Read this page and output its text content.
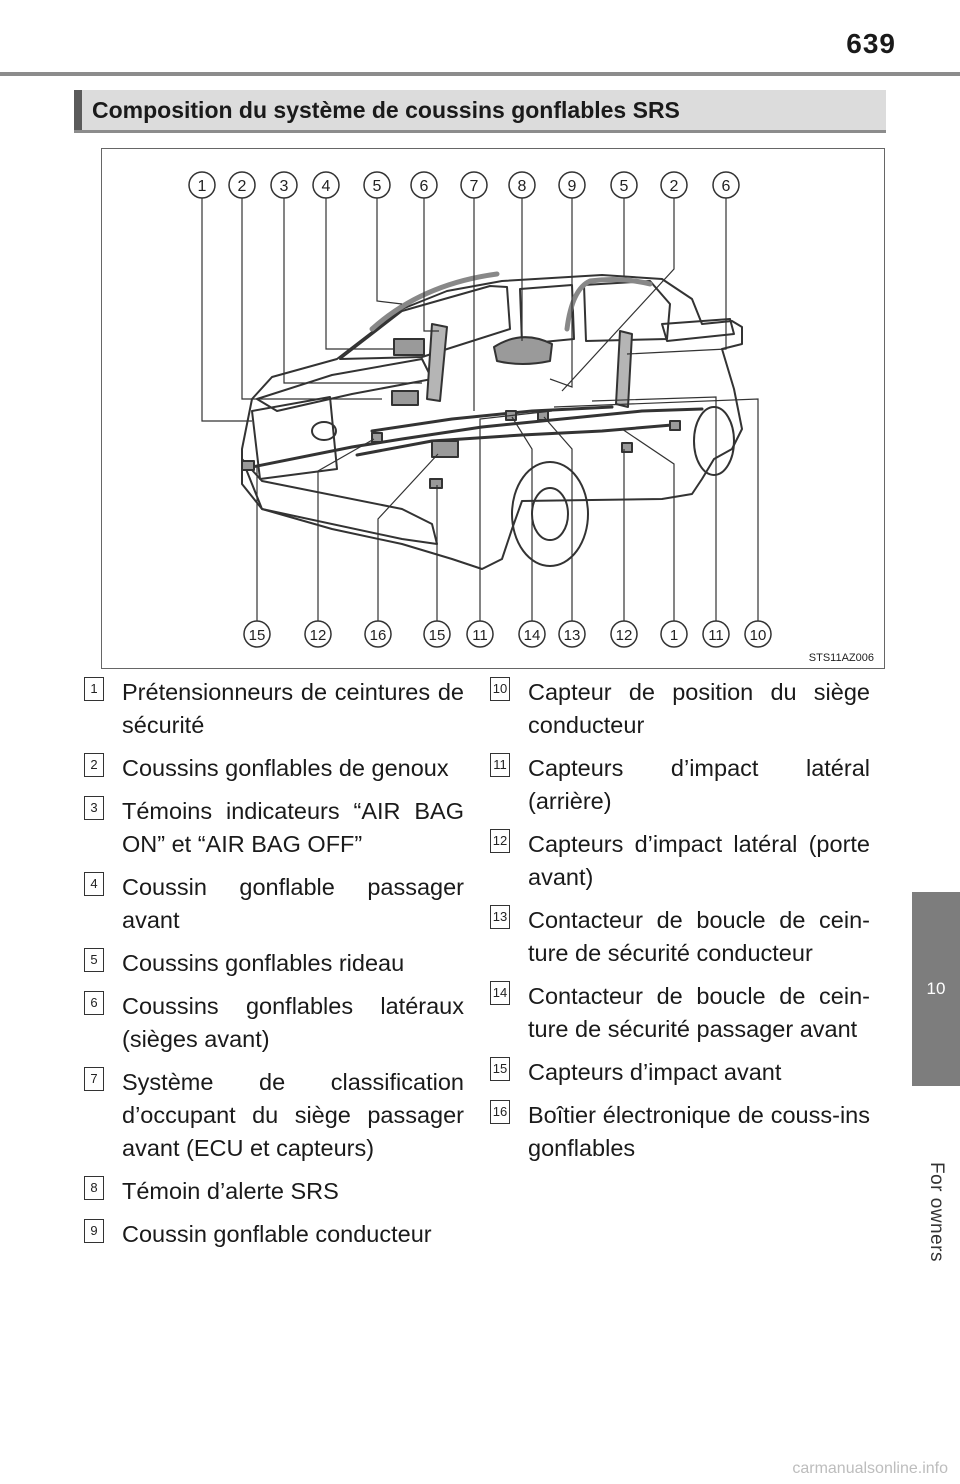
639
10
For owners
Composition du système de coussins gonflables SRS
1 2 3 4	5 6	7 8	9	5	2	6
15	12	16	15 11 14 13 12 1 11 10
STS11AZ006
1 Prétensionneurs de ceintures de sécurité
2 Coussins gonflables de genoux
3 Témoins indicateurs “AIR BAG ON” et “AIR BAG OFF”
4 Coussin gonflable passager avant
5 Coussins gonflables rideau
6 Coussins gonflables latéraux (sièges avant)
7 Système de classification d’occupant du siège passager avant (ECU et capteurs)
8 Témoin d’alerte SRS
9 Coussin gonflable conducteur
10 Capteur de position du siège conducteur
11 Capteurs d’impact latéral (arrière)
12 Capteurs d’impact latéral (porte avant)
13 Contacteur de boucle de cein-ture de sécurité conducteur
14 Contacteur de boucle de cein-ture de sécurité passager avant
15 Capteurs d’impact avant
16 Boîtier électronique de couss-ins gonflables
carmanualsonline.info
